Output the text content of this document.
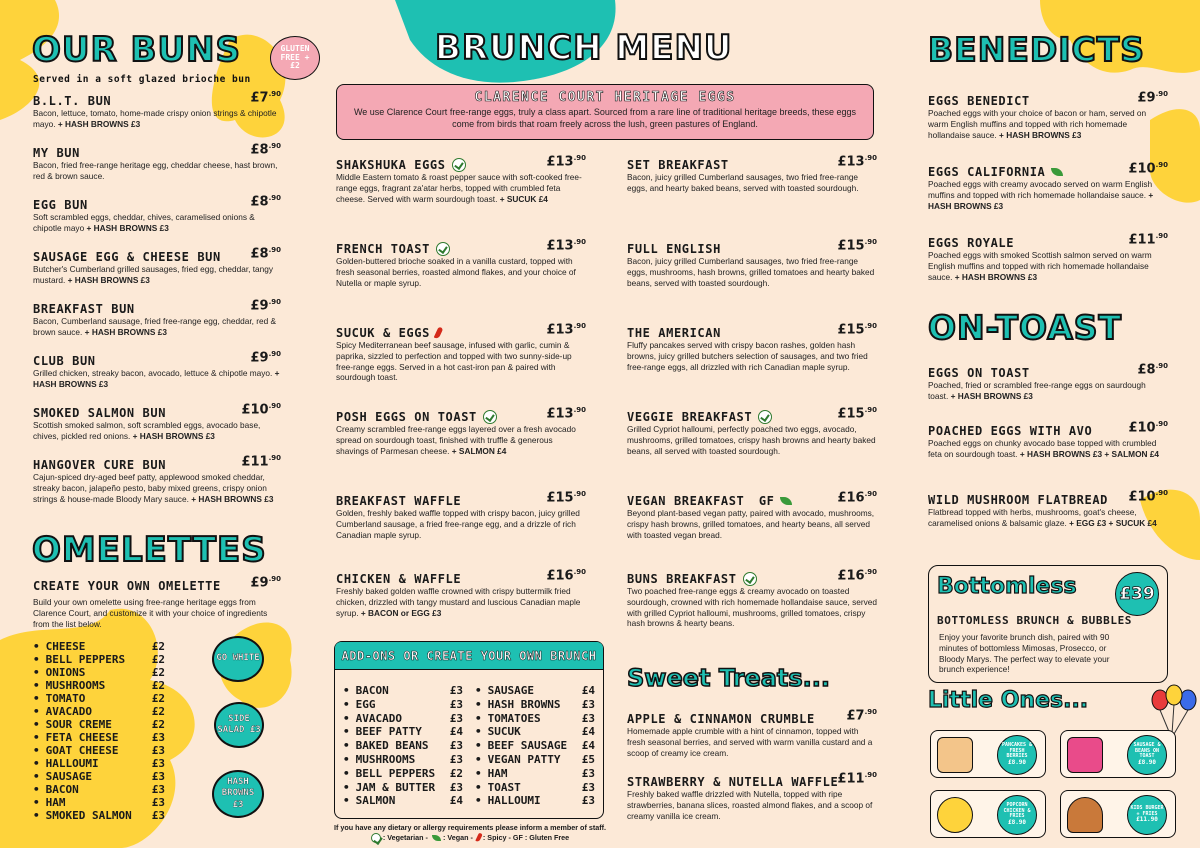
OUR BUNS	GLUTEN FREE + £2
Served in a soft glazed brioche bun
B.L.T. BUN	$£7^{.90}$
Bacon, lettuce, tomato, home-made crispy onion strings & chipotle mayo. + HASH BROWNS £3
MY BUN	$£8^{.90}$
Bacon, fried free-range heritage egg, cheddar cheese, hast brown, red & brown sauce.
EGG BUN	$£8^{.90}$
Soft scrambled eggs, cheddar, chives, caramelised onions & chipotle mayo + HASH BROWNS £3
SAUSAGE EGG & CHEESE BUN $£8^{.90}$
Butcher's Cumberland grilled sausages, fried egg, cheddar, tangy mustard. + HASH BROWNS £3
BREAKFAST BUN	$£9^{.90}$
Bacon, Cumberland sausage, fried free-range egg, cheddar, red & brown sauce. + HASH BROWNS £3
CLUB BUN	$£9^{.90}$
Grilled chicken, streaky bacon, avocado, lettuce & chipotle mayo. + HASH BROWNS £3
SMOKED SALMON BUN	$£10^{.90}$
Scottish smoked salmon, soft scrambled eggs, avocado base, chives, pickled red onions. + HASH BROWNS £3
HANGOVER CURE BUN	$£11^{.90}$
Cajun-spiced dry-aged beef patty, applewood smoked cheddar, streaky bacon, jalapeño pesto, baby mixed greens, crispy onion strings & house-made Bloody Mary sauce. + HASH BROWNS £3
OMELETTES
CREATE YOUR OWN OMELETTE $£9^{.90}$
Build your own omelette using free-range heritage eggs from Clarence Court, and customize it with your choice of ingredients from the list below.
• CHEESE	£2
• BELL PEPPERS	£2
• ONIONS	£2
• MUSHROOMS	£2
• TOMATO	£2
• AVACADO	£2
• SOUR CREME	£2
• FETA CHEESE	£3
• GOAT CHEESE	£3
• HALLOUMI	£3
• SAUSAGE	£3
• BACON	£3
• HAM	£3
• SMOKED SALMON	£3
GO WHITE
SIDE SALAD £3
HASH BROWNS £3
BRUNCH MENU
CLARENCE COURT HERITAGE EGGS
We use Clarence Court free-range eggs, truly a class apart. Sourced from a rare line of traditional heritage breeds, these eggs come from birds that roam freely across the lush, green pastures of England.
SHAKSHUKA EGGS	$£13^{.90}$
Middle Eastern tomato & roast pepper sauce with soft-cooked free-range eggs, fragrant za'atar herbs, topped with crumbled feta cheese. Served with warm sourdough toast. + SUCUK £4
FRENCH TOAST	$£13^{.90}$
Golden-buttered brioche soaked in a vanilla custard, topped with fresh seasonal berries, roasted almond flakes, and your choice of Nutella or maple syrup.
SUCUK & EGGS	$£13^{.90}$
Spicy Mediterranean beef sausage, infused with garlic, cumin & paprika, sizzled to perfection and topped with two sunny-side-up free-range eggs. Served in a hot cast-iron pan & paired with sourdough toast.
POSH EGGS ON TOAST	$£13^{.90}$
Creamy scrambled free-range eggs layered over a fresh avocado spread on sourdough toast, finished with truffle & generous shavings of Parmesan cheese. + SALMON £4
BREAKFAST WAFFLE	$£15^{.90}$
Golden, freshly baked waffle topped with crispy bacon, juicy grilled Cumberland sausage, a fried free-range egg, and a drizzle of rich Canadian maple syrup.
CHICKEN & WAFFLE	$£16^{.90}$
Freshly baked golden waffle crowned with crispy buttermilk fried chicken, drizzled with tangy mustard and luscious Canadian maple syrup. + BACON or EGG £3
SET BREAKFAST	$£13^{.90}$
Bacon, juicy grilled Cumberland sausages, two fried free-range eggs, and hearty baked beans, served with toasted sourdough.
FULL ENGLISH	$£15^{.90}$
Bacon, juicy grilled Cumberland sausages, two fried free-range eggs, mushrooms, hash browns, grilled tomatoes and hearty baked beans, served with toasted sourdough.
THE AMERICAN	$£15^{.90}$
Fluffy pancakes served with crispy bacon rashes, golden hash browns, juicy grilled butchers selection of sausages, and two fried free-range eggs, all drizzled with rich Canadian maple syrup.
VEGGIE BREAKFAST	$£15^{.90}$
Grilled Cypriot halloumi, perfectly poached two eggs, avocado, mushrooms, grilled tomatoes, crispy hash browns and hearty baked beans, all served with toasted sourdough.
VEGAN BREAKFAST GF	$£16^{.90}$
Beyond plant-based vegan patty, paired with avocado, mushrooms, crispy hash browns, grilled tomatoes, and hearty beans, all served with toasted vegan bread.
BUNS BREAKFAST	$£16^{.90}$
Two poached free-range eggs & creamy avocado on toasted sourdough, crowned with rich homemade hollandaise sauce, served with grilled Cypriot halloumi, mushrooms, grilled tomatoes, crispy hash browns & hearty beans.
ADD-ONS OR CREATE YOUR OWN BRUNCH
• BACON	£3
• EGG	£3
• AVACADO	£3
• BEEF PATTY	£4
• BAKED BEANS	£3
• MUSHROOMS	£3
• BELL PEPPERS	£2
• JAM & BUTTER	£3
• SALMON	£4
• SAUSAGE	£4
• HASH BROWNS	£3
• TOMATOES	£3
• SUCUK	£4
• BEEF SAUSAGE	£4
• VEGAN PATTY	£5
• HAM	£3
• TOAST	£3
• HALLOUMI	£3
If you have any dietary or allergy requirements please inform a member of staff.
: Vegetarian - : Vegan - : Spicy - GF : Gluten Free
Sweet Treats...
APPLE & CINNAMON CRUMBLE $£7^{.90}$
Homemade apple crumble with a hint of cinnamon, topped with fresh seasonal berries, and served with warm vanilla custard and a scoop of creamy ice cream.
STRAWBERRY & NUTELLA WAFFLE $£11^{.90}$
Freshly baked waffle drizzled with Nutella, topped with ripe strawberries, banana slices, roasted almond flakes, and a scoop of creamy vanilla ice cream.
BENEDICTS
EGGS BENEDICT	$£9^{.90}$
Poached eggs with your choice of bacon or ham, served on warm English muffins and topped with rich homemade hollandaise sauce. + HASH BROWNS £3
EGGS CALIFORNIA	$£10^{.90}$
Poached eggs with creamy avocado served on warm English muffins and topped with rich homemade hollandaise sauce. + HASH BROWNS £3
EGGS ROYALE	$£11^{.90}$
Poached eggs with smoked Scottish salmon served on warm English muffins and topped with rich homemade hollandaise sauce. + HASH BROWNS £3
ON-TOAST
EGGS ON TOAST	$£8^{.90}$
Poached, fried or scrambled free-range eggs on saurdough toast. + HASH BROWNS £3
POACHED EGGS WITH AVO	$£10^{.90}$
Poached eggs on chunky avocado base topped with crumbled feta on sourdough toast. + HASH BROWNS £3 + SALMON £4
WILD MUSHROOM FLATBREAD $£10^{.90}$
Flatbread topped with herbs, mushrooms, goat's cheese, caramelised onions & balsamic glaze. + EGG £3 + SUCUK £4
Bottomless	£39
BOTTOMLESS BRUNCH & BUBBLES
Enjoy your favorite brunch dish, paired with 90 minutes of bottomless Mimosas, Prosecco, or Bloody Marys. The perfect way to elevate your brunch experience!
Little Ones...
PANCAKES & FRESH BERRIES
£8.90
SAUSAGE & BEANS ON TOAST
£8.90
POPCORN CHICKEN & FRIES
£8.90
KIDS BURGER + FRIES
£11.90
